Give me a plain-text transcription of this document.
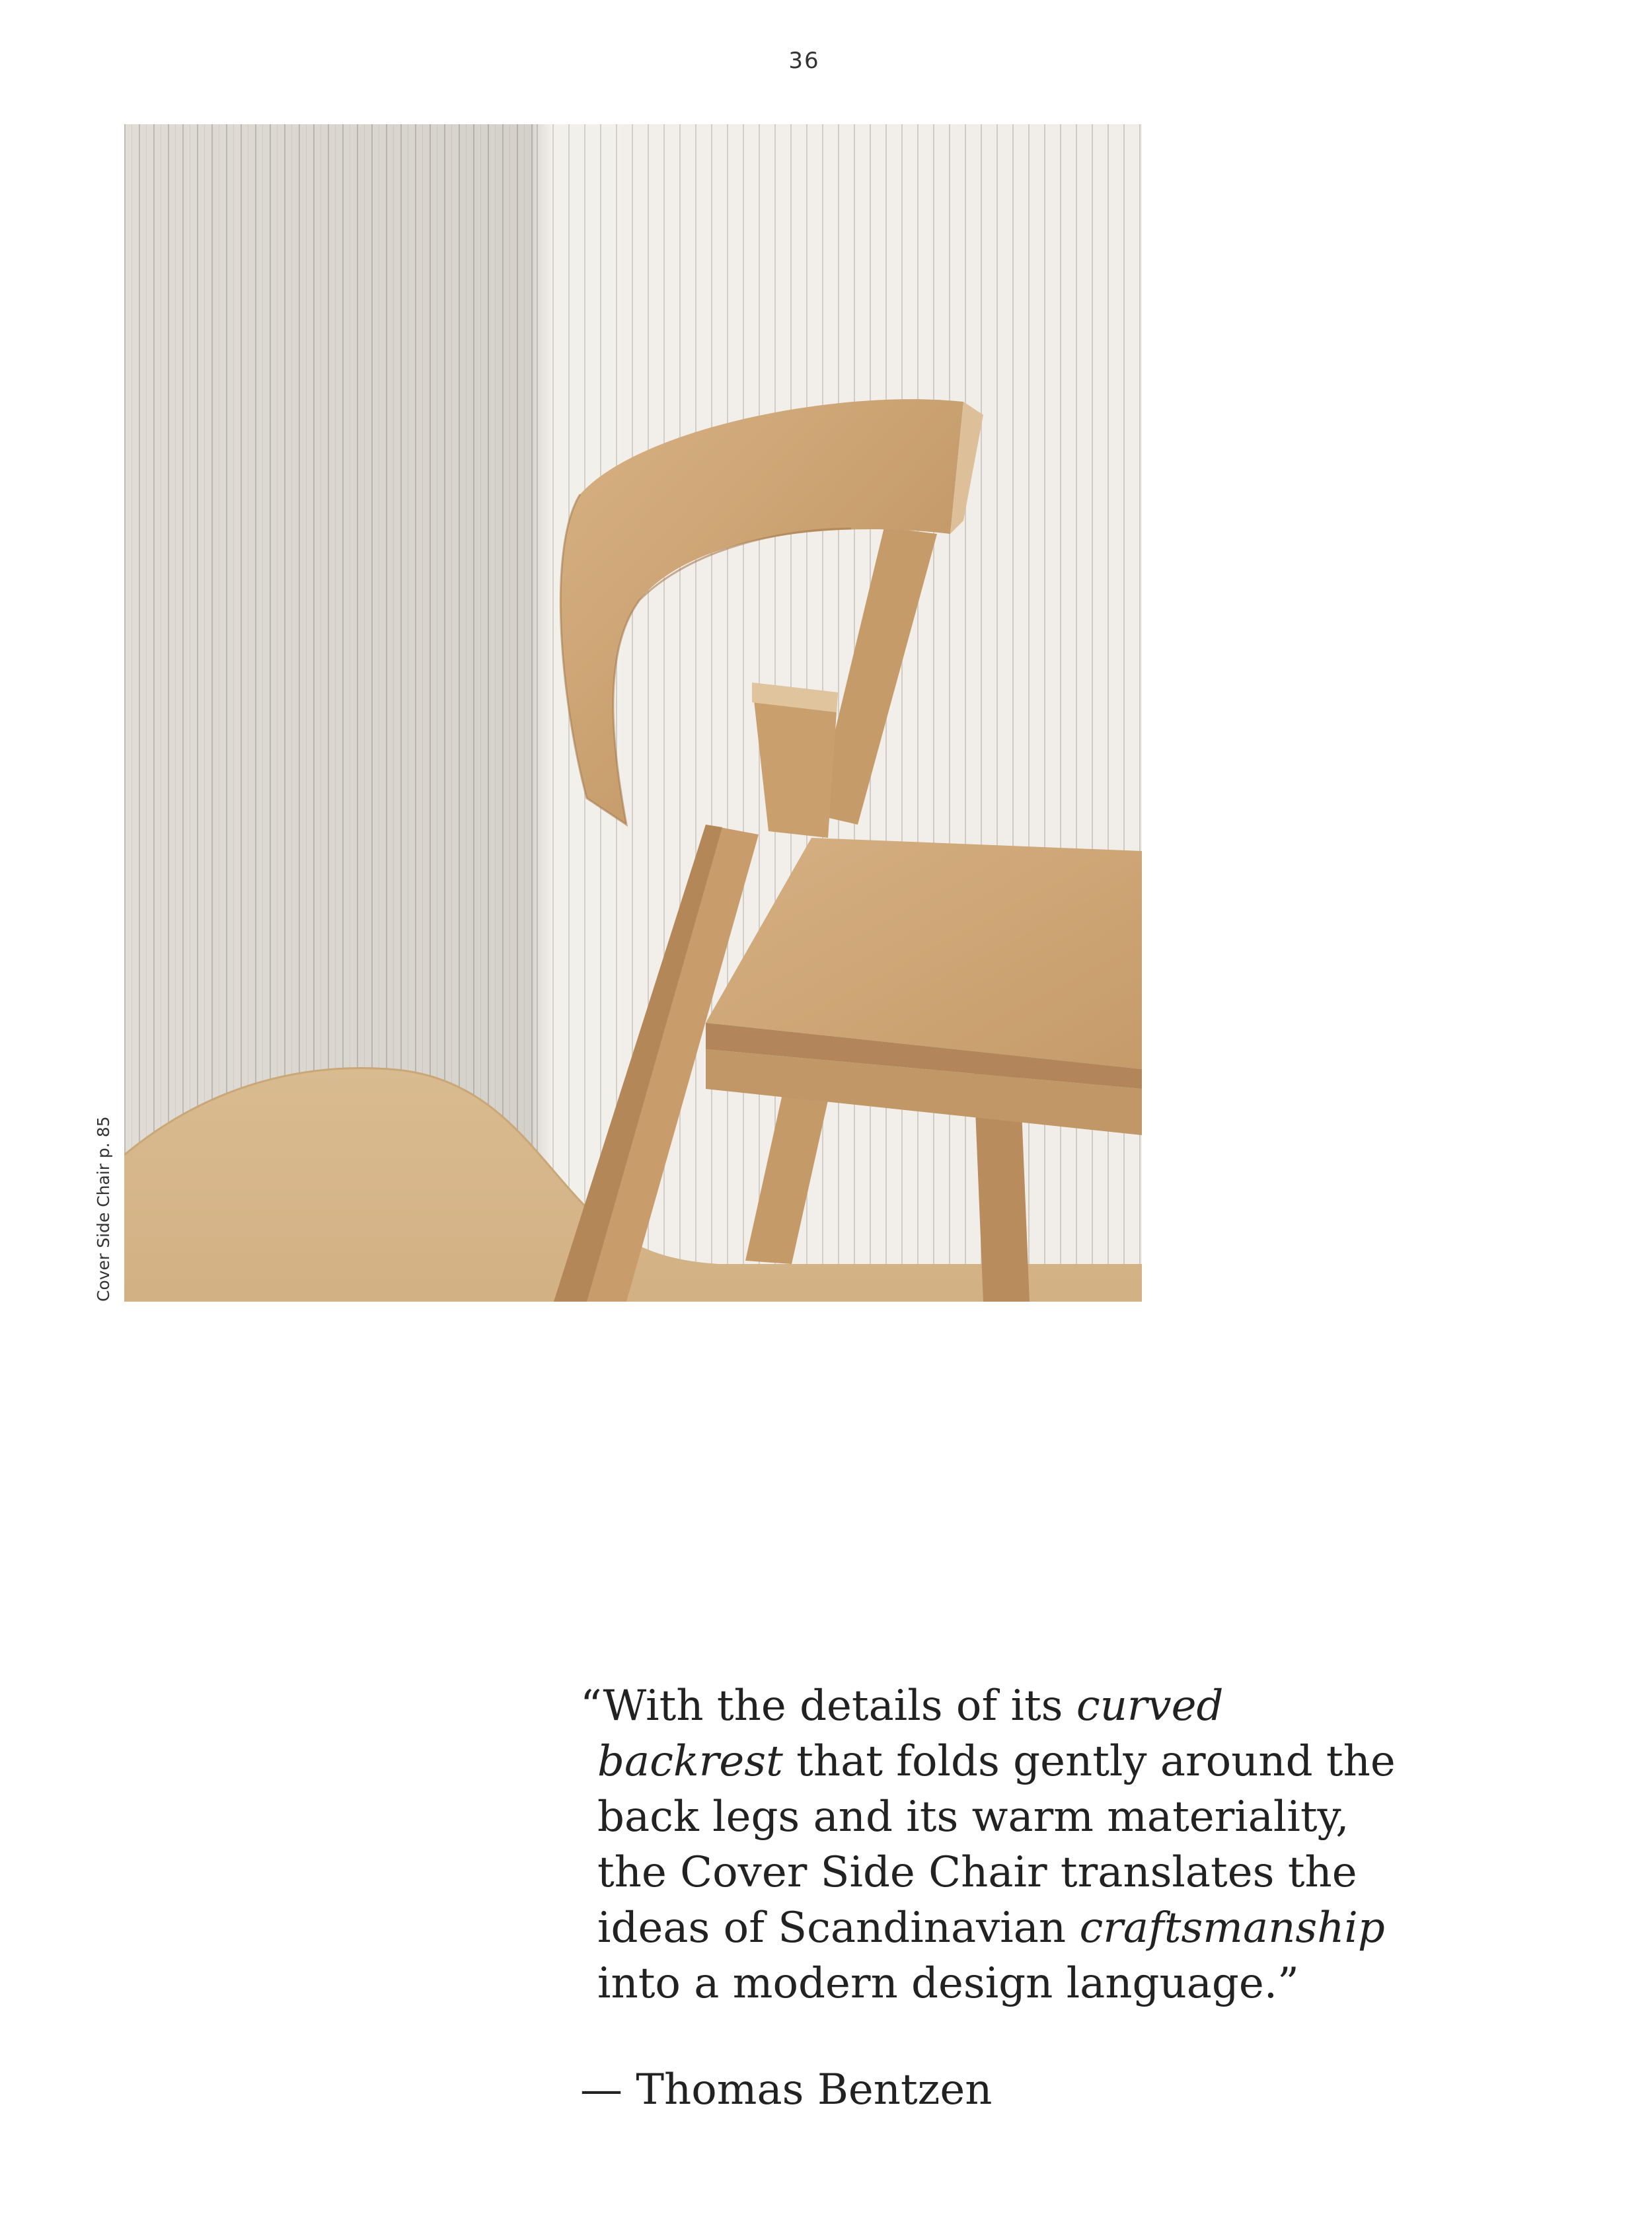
36
Cover Side Chair p. 85
“With the details of its curved
backrest that folds gently around the
back legs and its warm materiality,
the Cover Side Chair translates the
ideas of Scandinavian craftsmanship
into a modern design language.”
— Thomas Bentzen
